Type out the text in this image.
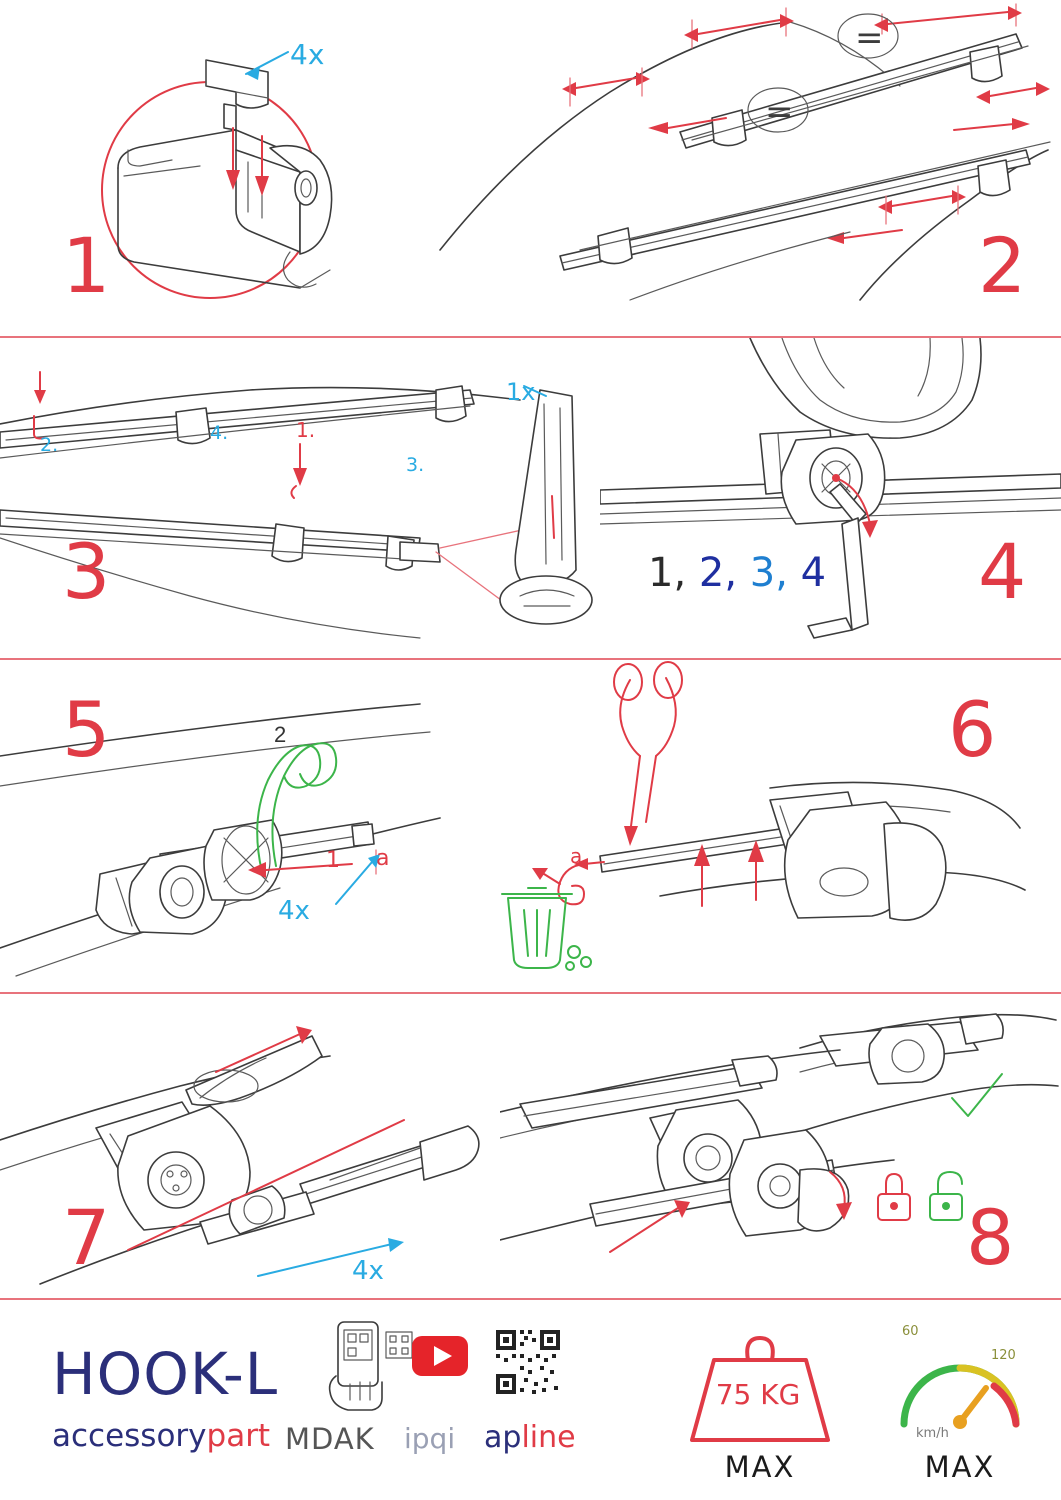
4x
1
=
=
2
1.
2.
3.
4.
1x
3	1, 2, 3, 4 4
5
1
2
a
4x
6
a
7	4x	8
HOOK-L
accessorypart MDAK ipqi apline
75 KG
MAX
60
120
km/h
MAX
